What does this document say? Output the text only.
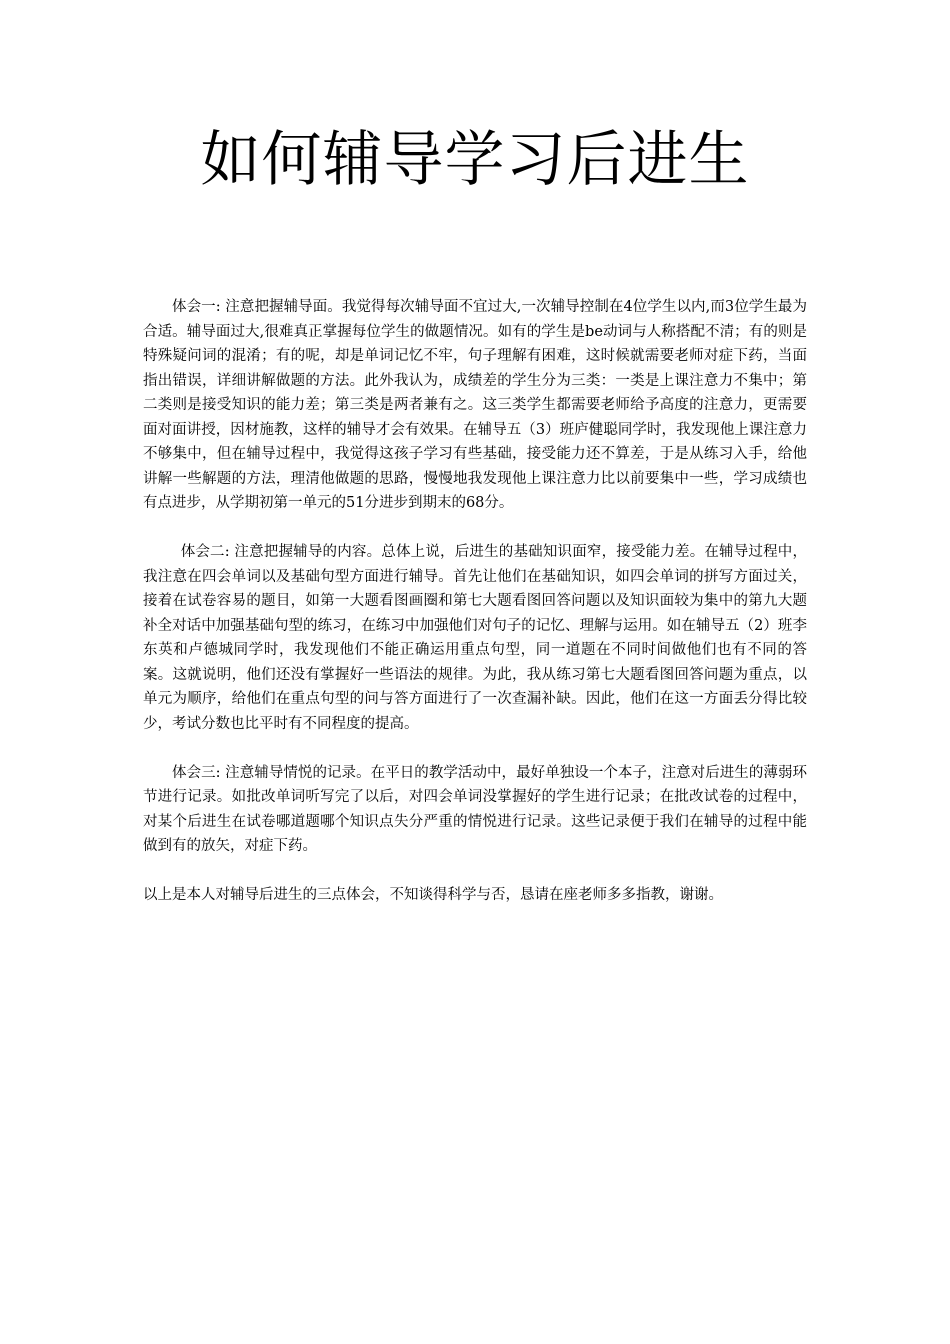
如何辅导学习后进生

体会一: 注意把握辅导面。我觉得每次辅导面不宜过大,一次辅导控制在4位学生以内,而3位学生最为合适。辅导面过大,很难真正掌握每位学生的做题情况。如有的学生是be动词与人称搭配不清；有的则是特殊疑问词的混淆；有的呢，却是单词记忆不牢，句子理解有困难，这时候就需要老师对症下药，当面指出错误，详细讲解做题的方法。此外我认为，成绩差的学生分为三类：一类是上课注意力不集中；第二类则是接受知识的能力差；第三类是两者兼有之。这三类学生都需要老师给予高度的注意力，更需要面对面讲授，因材施教，这样的辅导才会有效果。在辅导五（3）班庐健聪同学时，我发现他上课注意力不够集中，但在辅导过程中，我觉得这孩子学习有些基础，接受能力还不算差，于是从练习入手，给他讲解一些解题的方法，理清他做题的思路，慢慢地我发现他上课注意力比以前要集中一些，学习成绩也有点进步，从学期初第一单元的51分进步到期末的68分。

体会二: 注意把握辅导的内容。总体上说，后进生的基础知识面窄，接受能力差。在辅导过程中，我注意在四会单词以及基础句型方面进行辅导。首先让他们在基础知识，如四会单词的拼写方面过关，接着在试卷容易的题目，如第一大题看图画圈和第七大题看图回答问题以及知识面较为集中的第九大题补全对话中加强基础句型的练习，在练习中加强他们对句子的记忆、理解与运用。如在辅导五（2）班李东英和卢德城同学时，我发现他们不能正确运用重点句型，同一道题在不同时间做他们也有不同的答案。这就说明，他们还没有掌握好一些语法的规律。为此，我从练习第七大题看图回答问题为重点，以单元为顺序，给他们在重点句型的问与答方面进行了一次查漏补缺。因此，他们在这一方面丢分得比较少，考试分数也比平时有不同程度的提高。

体会三: 注意辅导情悦的记录。在平日的教学活动中，最好单独设一个本子，注意对后进生的薄弱环节进行记录。如批改单词听写完了以后，对四会单词没掌握好的学生进行记录；在批改试卷的过程中，对某个后进生在试卷哪道题哪个知识点失分严重的情悦进行记录。这些记录便于我们在辅导的过程中能做到有的放矢，对症下药。

以上是本人对辅导后进生的三点体会，不知谈得科学与否，恳请在座老师多多指教，谢谢。
